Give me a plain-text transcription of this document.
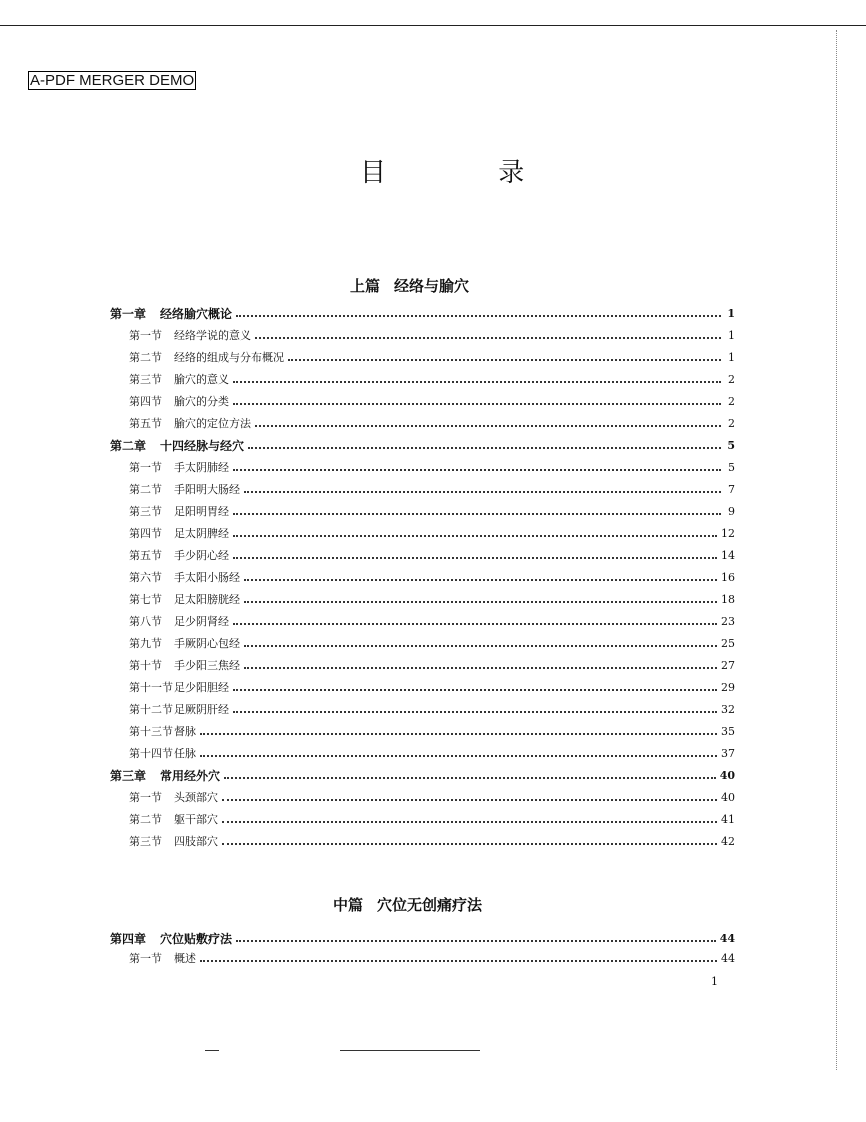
A-PDF MERGER DEMO
目 录
上篇 经络与腧穴
中篇 穴位无创痛疗法
第一章 经络腧穴概论	1
第一节 经络学说的意义	1
第二节 经络的组成与分布概况	1
第三节 腧穴的意义	2
第四节 腧穴的分类	2
第五节 腧穴的定位方法	2
第二章 十四经脉与经穴	5
第一节 手太阴肺经	5
第二节 手阳明大肠经	7
第三节 足阳明胃经	9
第四节 足太阴脾经	12
第五节 手少阴心经	14
第六节 手太阳小肠经	16
第七节 足太阳膀胱经	18
第八节 足少阴肾经	23
第九节 手厥阴心包经	25
第十节 手少阳三焦经	27
第十一节足少阳胆经	29
第十二节足厥阴肝经	32
第十三节督脉	35
第十四节任脉	37
第三章 常用经外穴	40
第一节 头颈部穴	40
第二节 躯干部穴	41
第三节 四肢部穴	42
第四章 穴位贴敷疗法	44
第一节 概述	44
1
